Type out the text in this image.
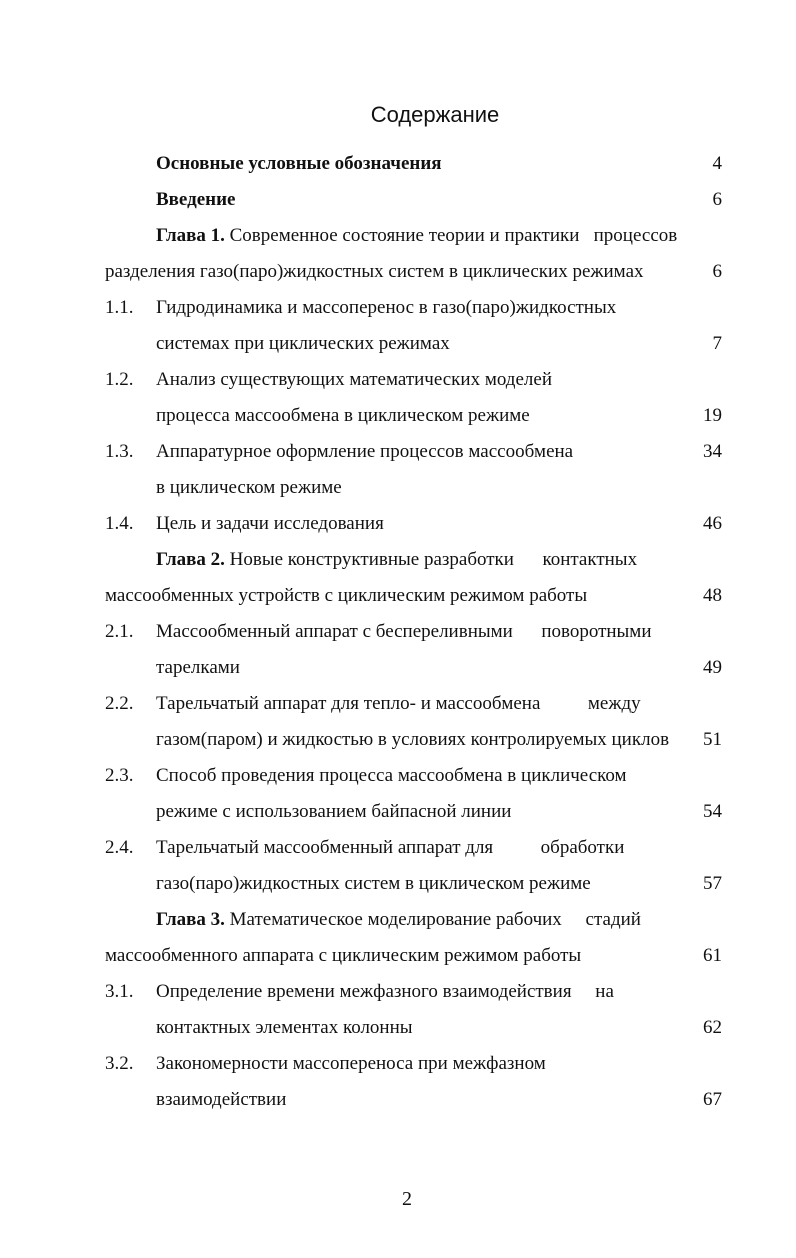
Содержание
Основные условные обозначения	4
Введение	6
Глава 1. Современное состояние теории и практики   процессов
разделения газо(паро)жидкостных систем в циклических режимах	6
1.1. Гидродинамика и массоперенос в газо(паро)жидкостных
системах при циклических режимах	7
1.2. Анализ существующих математических моделей
процесса массообмена в циклическом режиме	19
1.3. Аппаратурное оформление процессов массообмена	34
в циклическом режиме
1.4. Цель и задачи исследования	46
Глава 2. Новые конструктивные разработки      контактных
массообменных устройств с циклическим режимом работы	48
2.1. Массообменный аппарат с беспереливными      поворотными
тарелками	49
2.2. Тарельчатый аппарат для тепло- и массообмена          между
газом(паром) и жидкостью в условиях контролируемых циклов 51
2.3. Способ проведения процесса массообмена в циклическом
режиме с использованием байпасной линии	54
2.4. Тарельчатый массообменный аппарат для          обработки
газо(паро)жидкостных систем в циклическом режиме	57
Глава 3. Математическое моделирование рабочих     стадий
массообменного аппарата с циклическим режимом работы	61
3.1. Определение времени межфазного взаимодействия     на
контактных элементах колонны	62
3.2. Закономерности массопереноса при межфазном
взаимодействии	67
2
